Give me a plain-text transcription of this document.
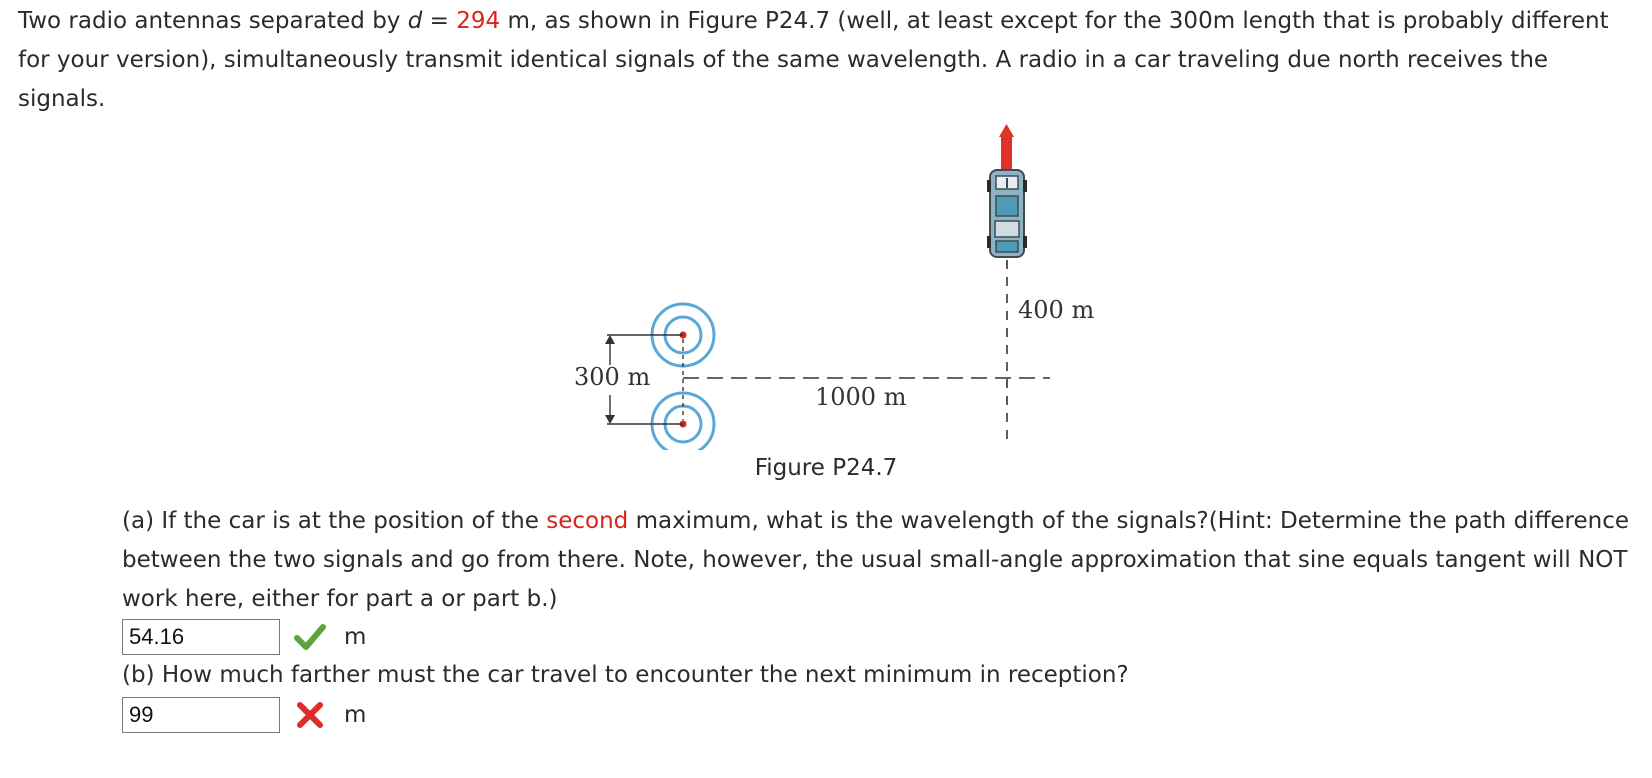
Two radio antennas separated by d = 294 m, as shown in Figure P24.7 (well, at least except for the 300m length that is probably different for your version), simultaneously transmit identical signals of the same wavelength. A radio in a car traveling due north receives the signals.
400 m
300 m
1000 m
Figure P24.7
(a) If the car is at the position of the second maximum, what is the wavelength of the signals?(Hint: Determine the path difference between the two signals and go from there. Note, however, the usual small-angle approximation that sine equals tangent will NOT work here, either for part a or part b.)
54.16
m
(b) How much farther must the car travel to encounter the next minimum in reception?
99
m
